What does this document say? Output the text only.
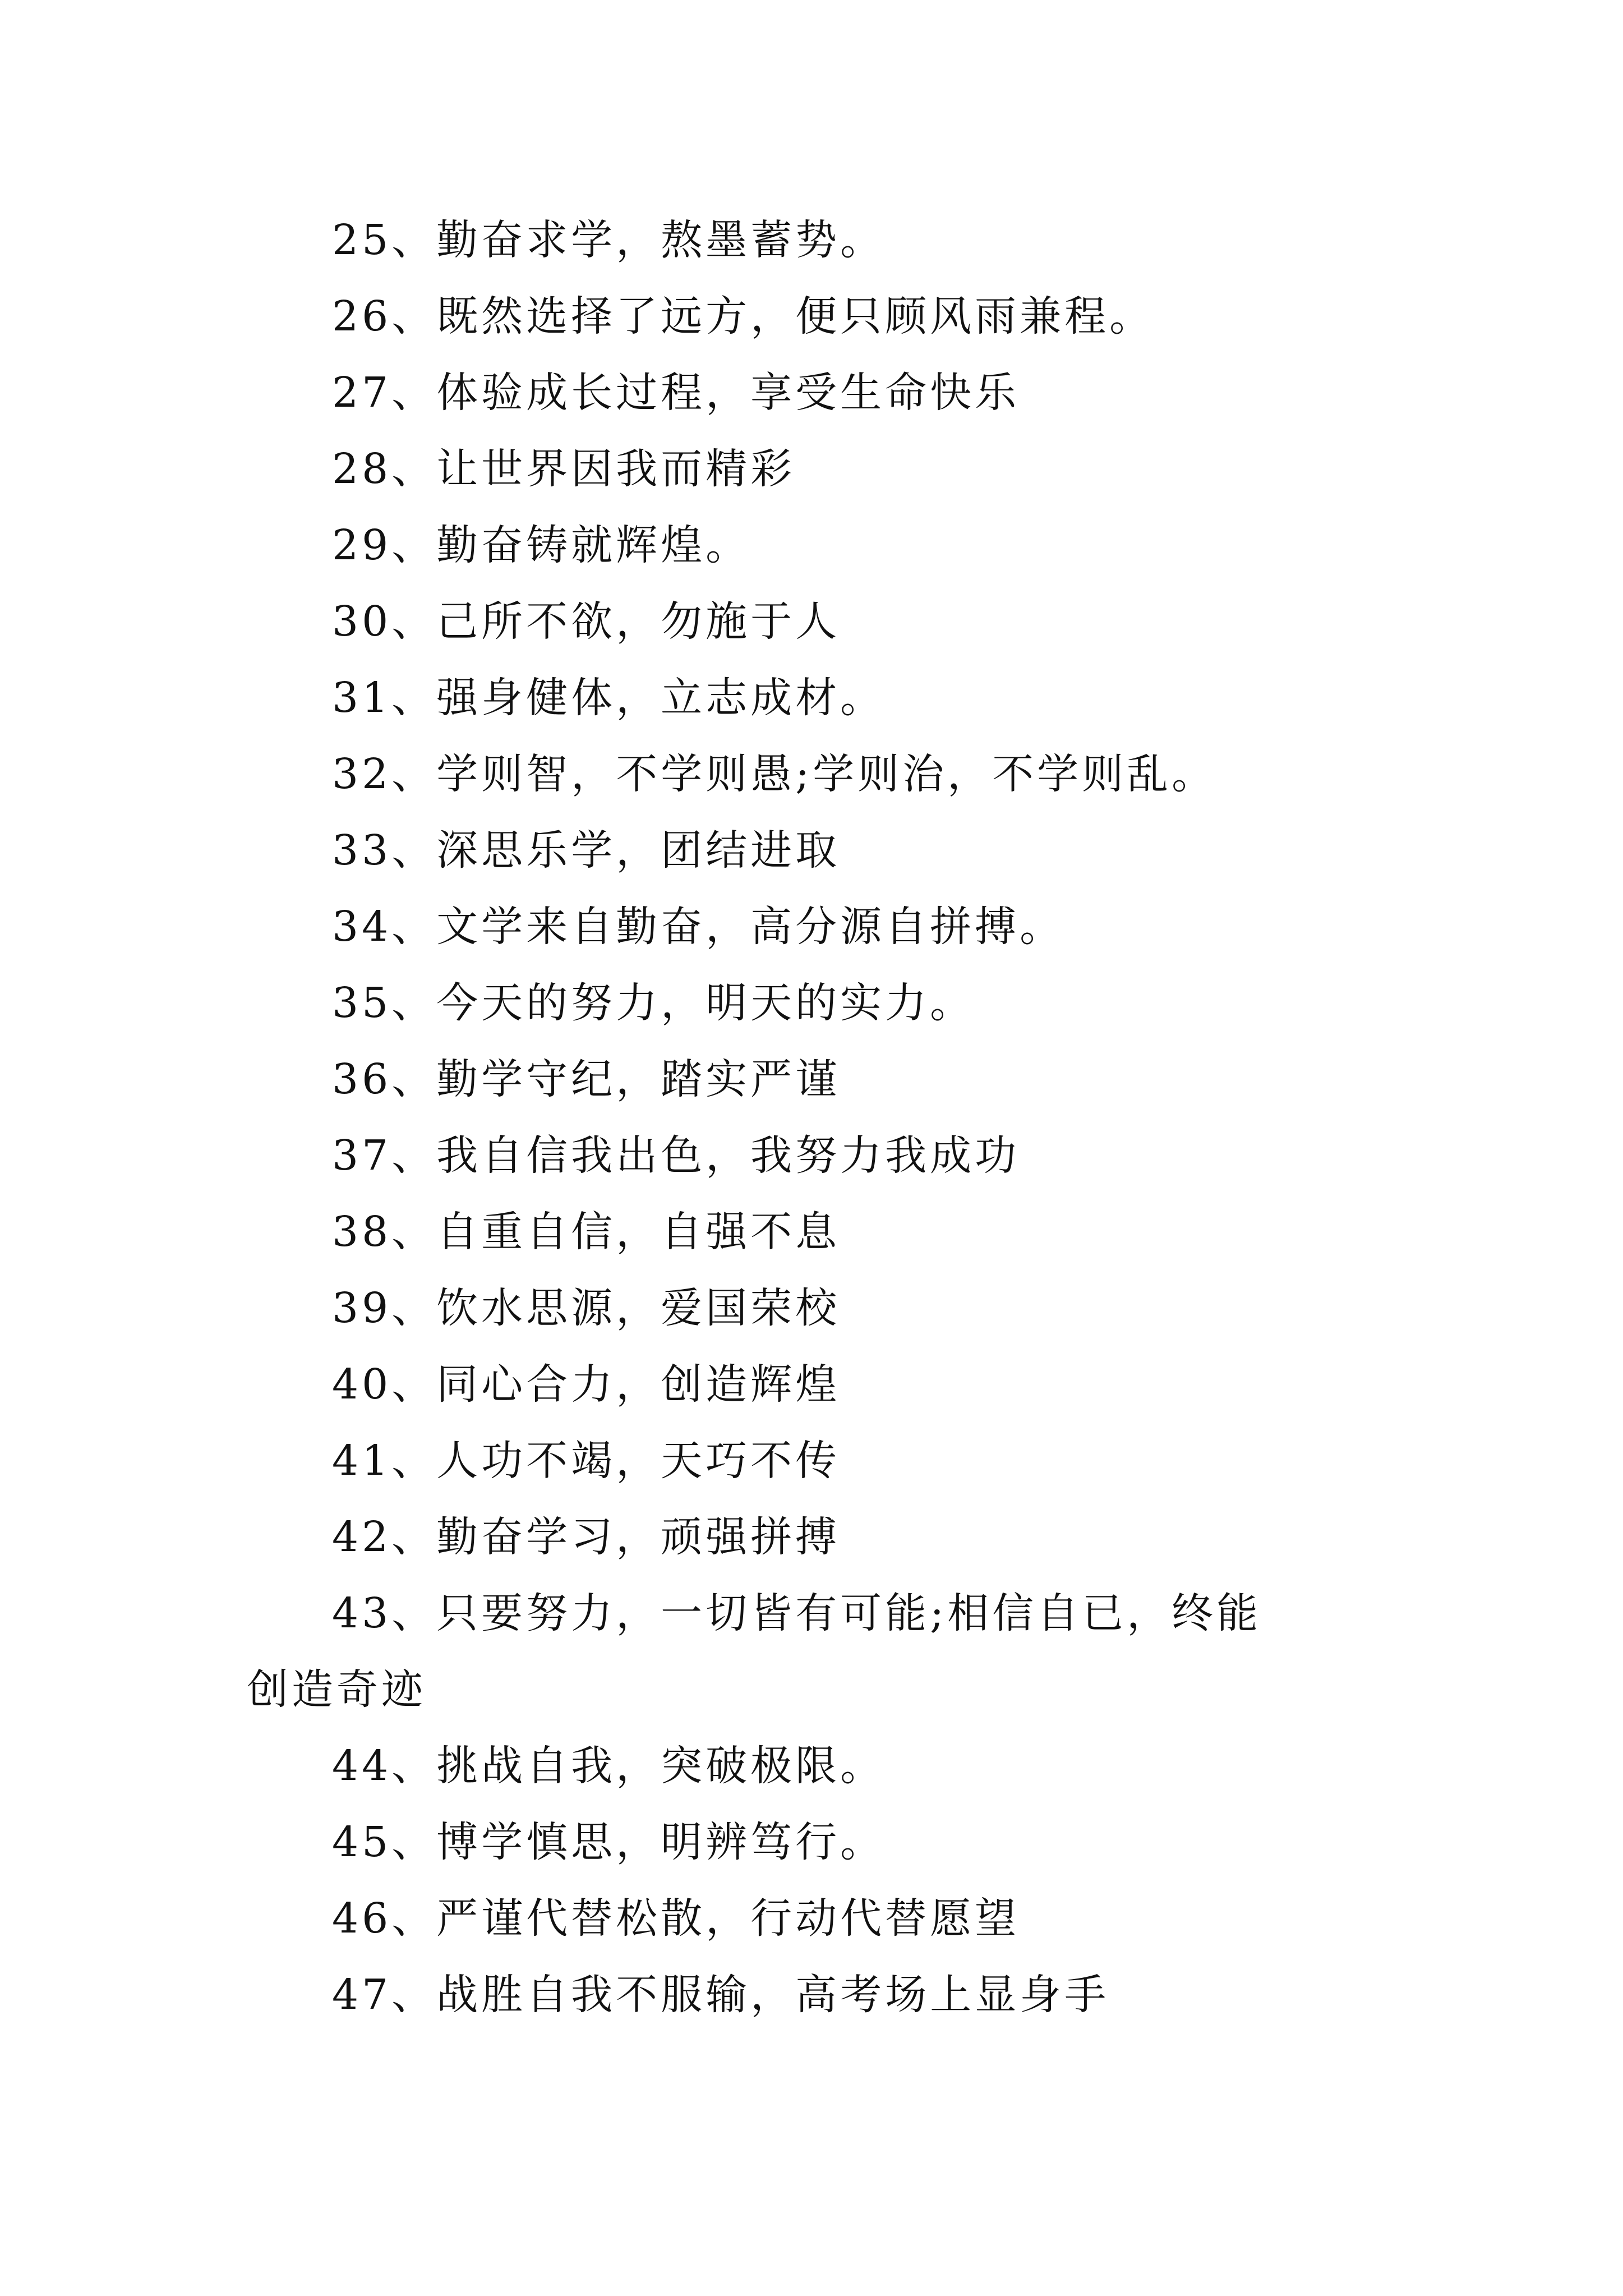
25、勤奋求学，熬墨蓄势。
26、既然选择了远方，便只顾风雨兼程。
27、体验成长过程，享受生命快乐
28、让世界因我而精彩
29、勤奋铸就辉煌。
30、己所不欲，勿施于人
31、强身健体，立志成材。
32、学则智，不学则愚;学则治，不学则乱。
33、深思乐学，团结进取
34、文学来自勤奋，高分源自拼搏。
35、今天的努力，明天的实力。
36、勤学守纪，踏实严谨
37、我自信我出色，我努力我成功
38、自重自信，自强不息
39、饮水思源，爱国荣校
40、同心合力，创造辉煌
41、人功不竭，天巧不传
42、勤奋学习，顽强拼搏
43、只要努力，一切皆有可能;相信自已，终能创造奇迹
44、挑战自我，突破极限。
45、博学慎思，明辨笃行。
46、严谨代替松散，行动代替愿望
47、战胜自我不服输，高考场上显身手
